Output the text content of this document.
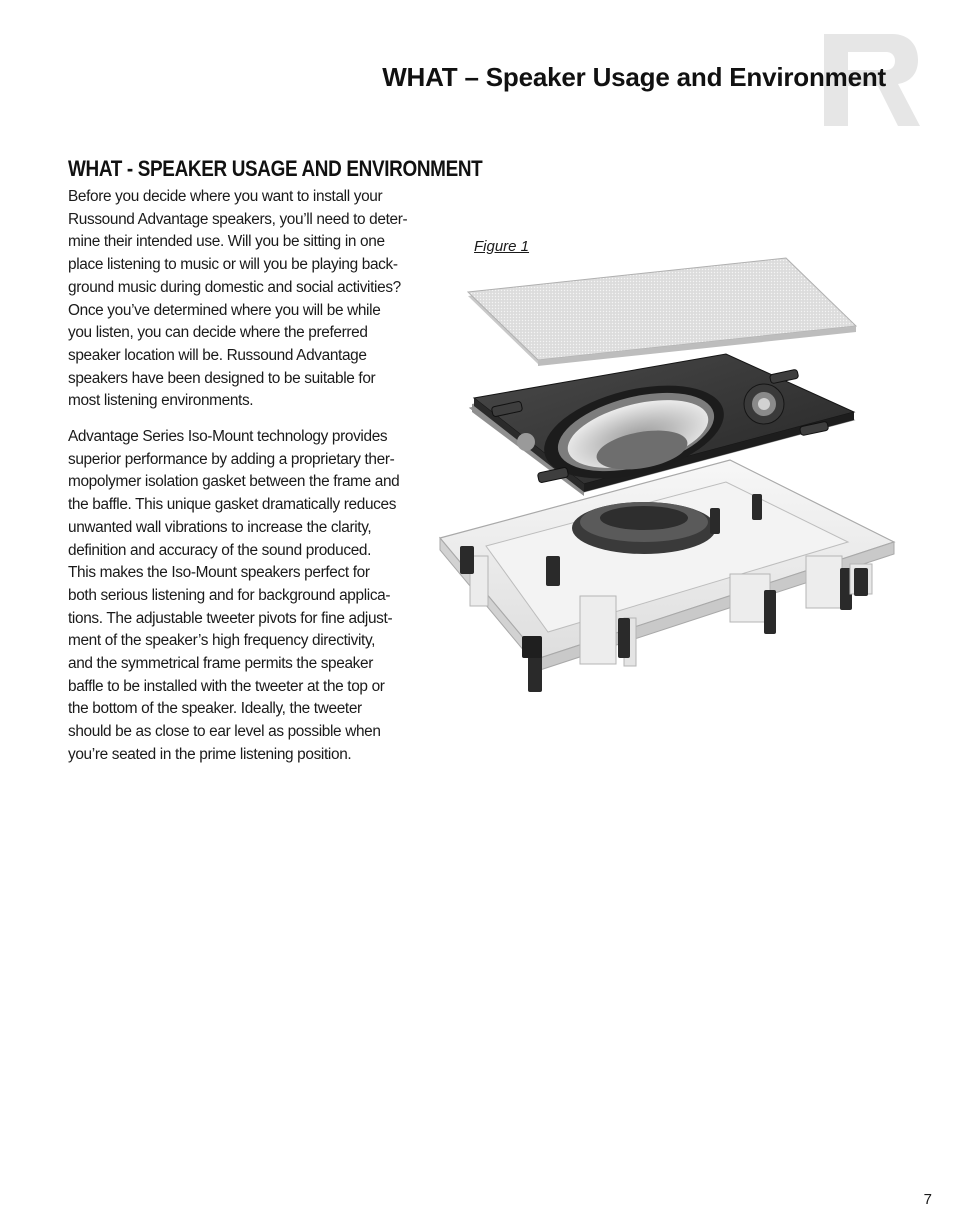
WHAT – Speaker Usage and Environment
WHAT - SPEAKER USAGE AND ENVIRONMENT

Before you decide where you want to install your
Russound Advantage speakers, you’ll need to deter-
mine their intended use. Will you be sitting in one
place listening to music or will you be playing back-
ground music during domestic and social activities?
Once you’ve determined where you will be while
you listen, you can decide where the preferred
speaker location will be. Russound Advantage
speakers have been designed to be suitable for
most listening environments.

Advantage Series Iso-Mount technology provides
superior performance by adding a proprietary ther-
mopolymer isolation gasket between the frame and
the baffle. This unique gasket dramatically reduces
unwanted wall vibrations to increase the clarity,
definition and accuracy of the sound produced.
This makes the Iso-Mount speakers perfect for
both serious listening and for background applica-
tions. The adjustable tweeter pivots for fine adjust-
ment of the speaker’s high frequency directivity,
and the symmetrical frame permits the speaker
baffle to be installed with the tweeter at the top or
the bottom of the speaker. Ideally, the tweeter
should be as close to ear level as possible when
you’re seated in the prime listening position.

Figure 1
7
